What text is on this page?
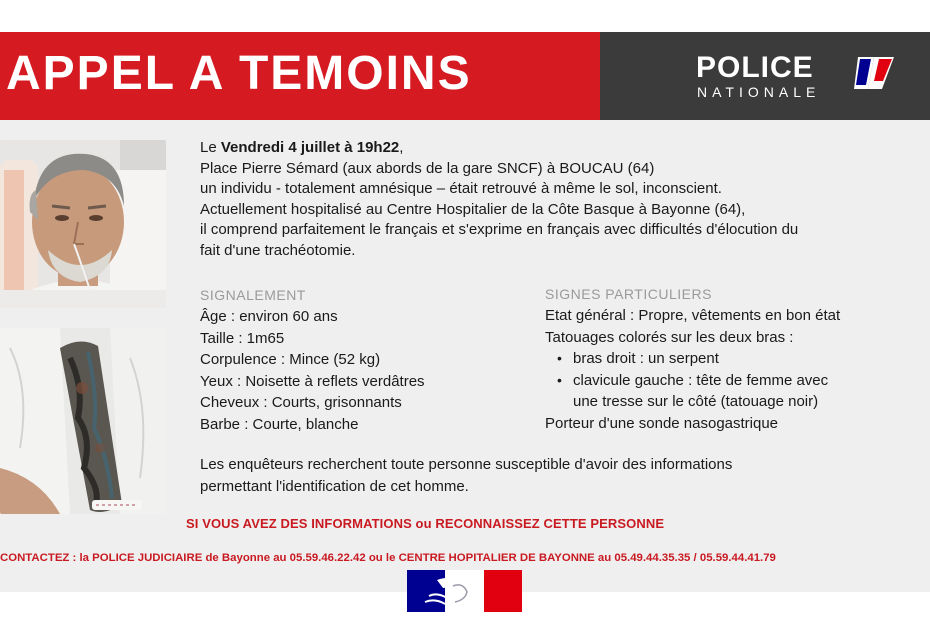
APPEL A TEMOINS	POLICE
NATIONALE
Le Vendredi 4 juillet à 19h22,
Place Pierre Sémard (aux abords de la gare SNCF) à BOUCAU (64)
un individu - totalement amnésique – était retrouvé à même le sol, inconscient.
Actuellement hospitalisé au Centre Hospitalier de la Côte Basque à Bayonne (64),
il comprend parfaitement le français et s'exprime en français avec difficultés d'élocution du
fait d'une trachéotomie.
SIGNALEMENT
Âge : environ 60 ans
Taille : 1m65
Corpulence : Mince (52 kg)
Yeux : Noisette à reflets verdâtres
Cheveux : Courts, grisonnants
Barbe : Courte, blanche
SIGNES PARTICULIERS
Etat général : Propre, vêtements en bon état
Tatouages colorés sur les deux bras :
• bras droit : un serpent
• clavicule gauche : tête de femme avec
une tresse sur le côté (tatouage noir)
Porteur d'une sonde nasogastrique
Les enquêteurs recherchent toute personne susceptible d'avoir des informations
permettant l'identification de cet homme.
SI VOUS AVEZ DES INFORMATIONS ou RECONNAISSEZ CETTE PERSONNE
CONTACTEZ : la POLICE JUDICIAIRE de Bayonne au 05.59.46.22.42 ou le CENTRE HOPITALIER DE BAYONNE au 05.49.44.35.35 / 05.59.44.41.79
